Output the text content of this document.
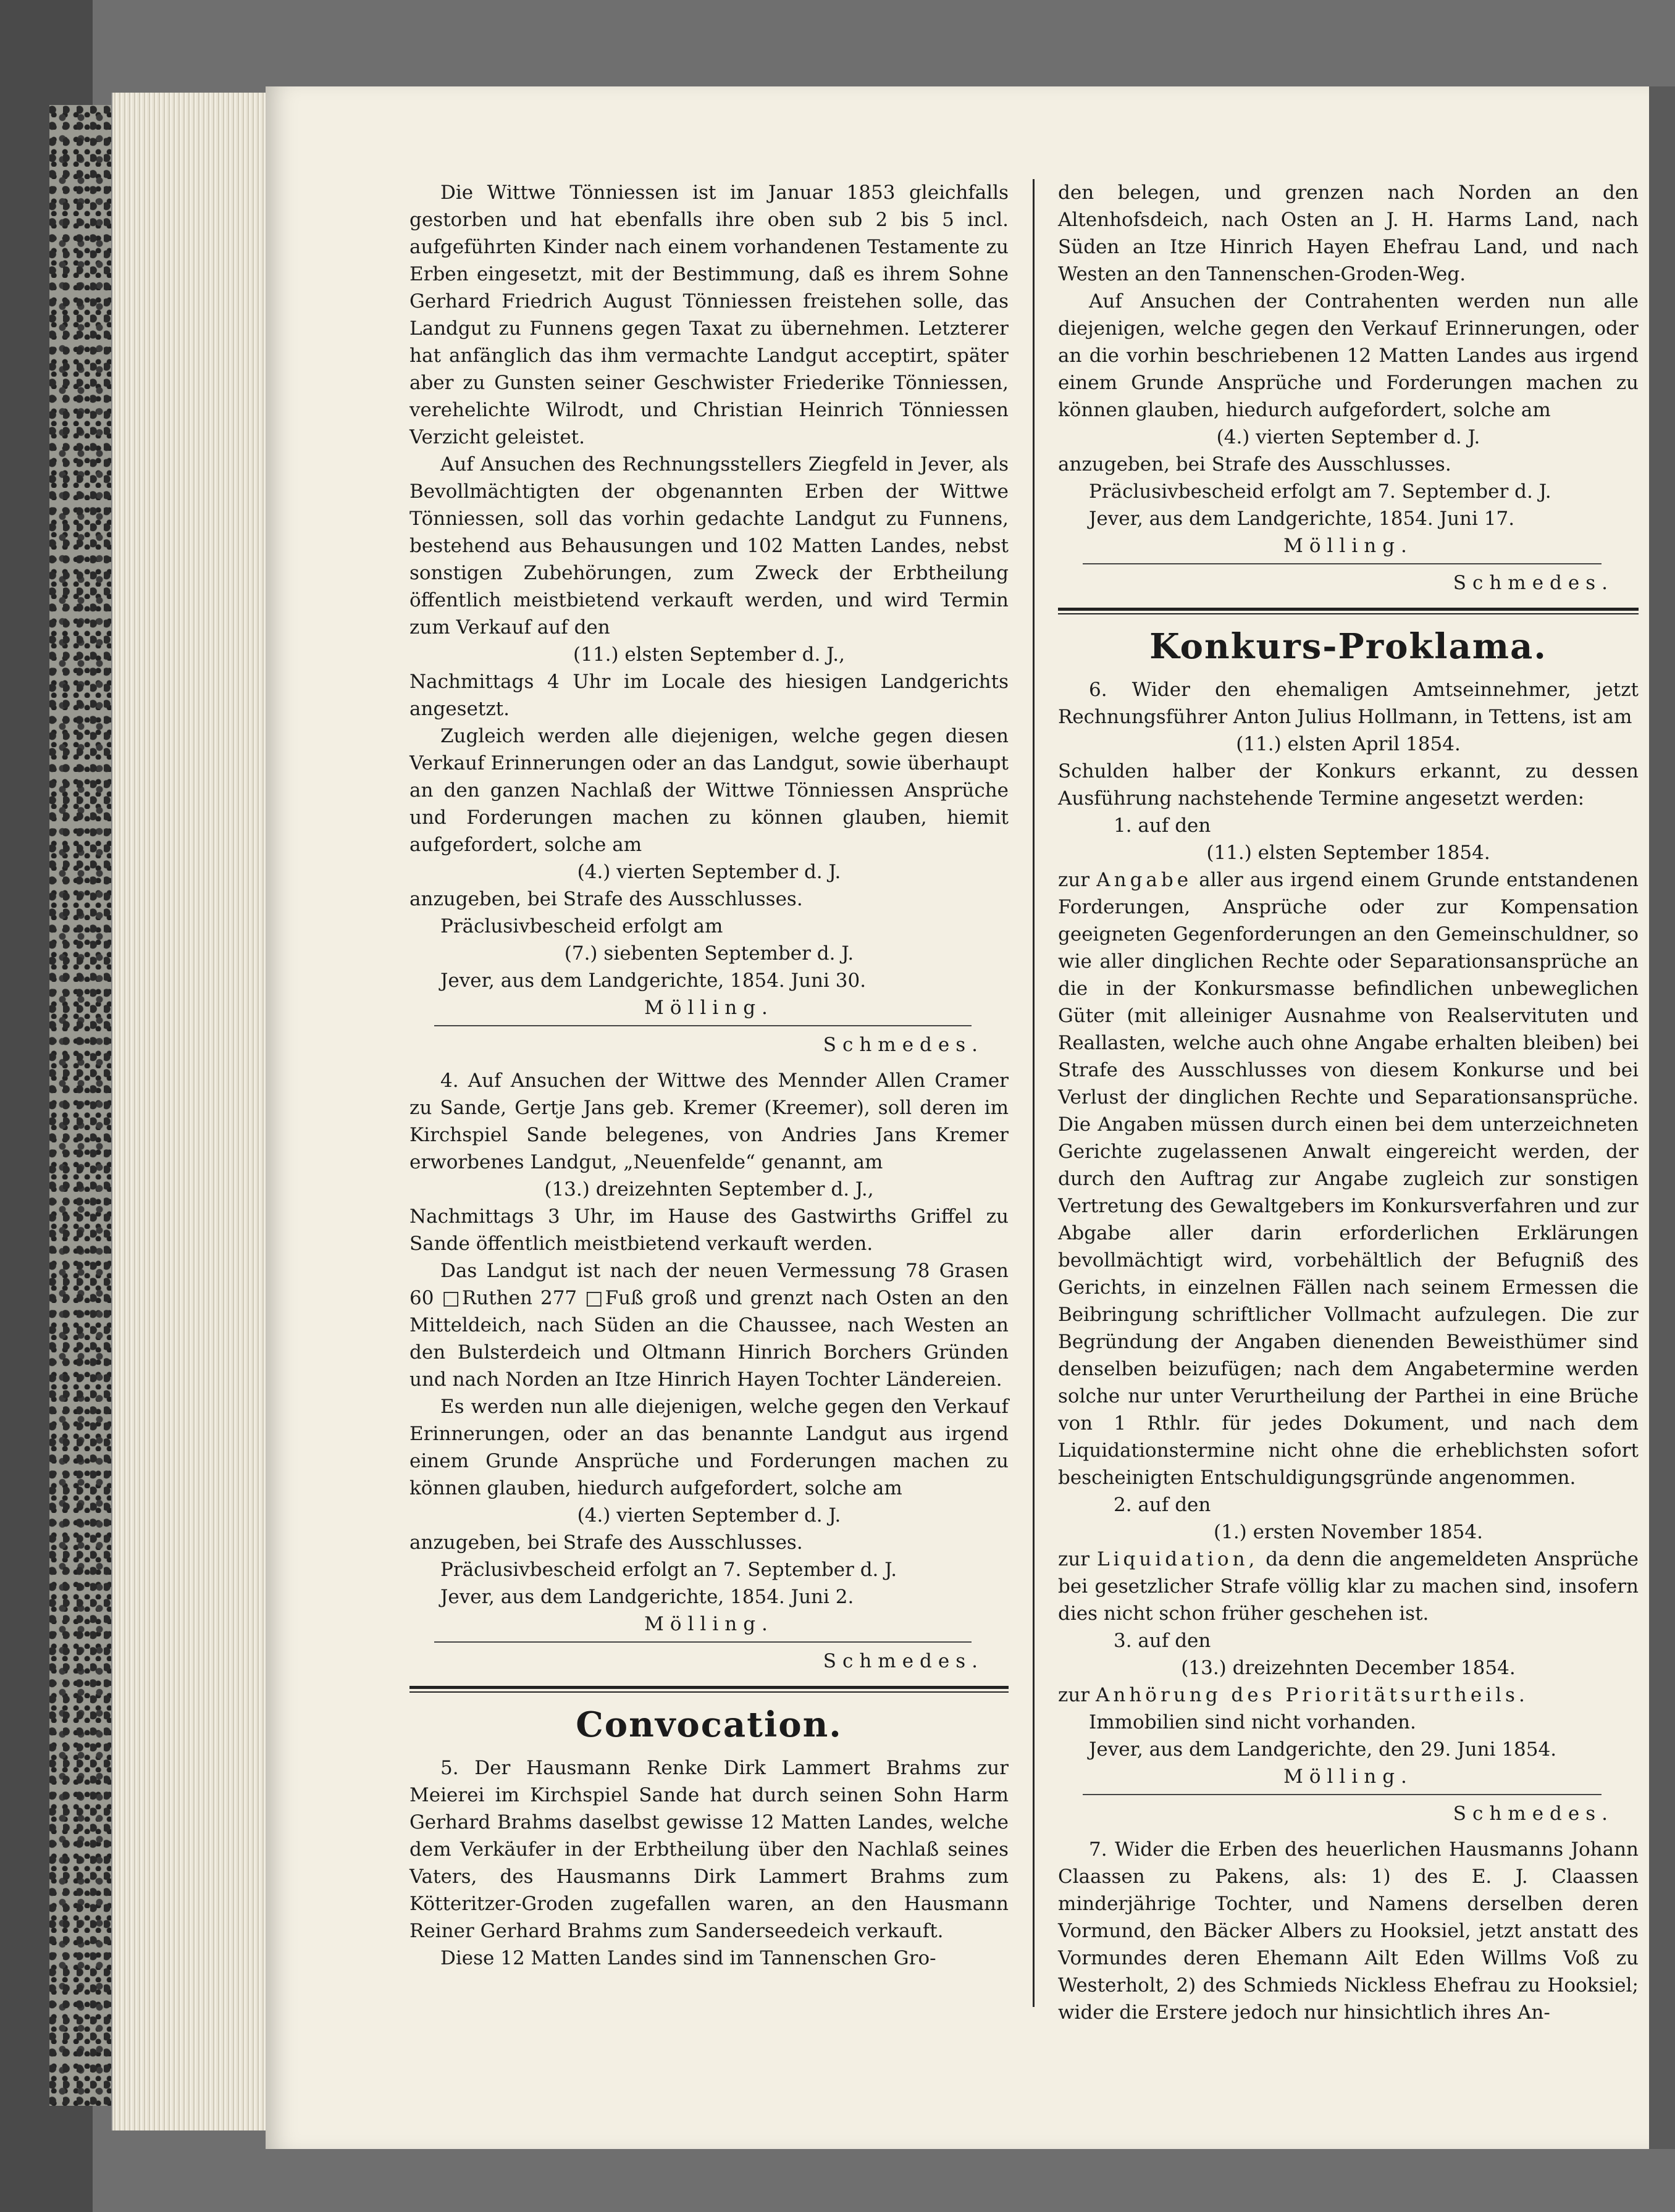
Die Wittwe Tönniessen ist im Januar 1853 gleichfalls gestorben und hat ebenfalls ihre oben sub 2 bis 5 incl. aufgeführten Kinder nach einem vorhandenen Testamente zu Erben eingesetzt, mit der Bestimmung, daß es ihrem Sohne Gerhard Friedrich August Tönniessen freistehen solle, das Landgut zu Funnens gegen Taxat zu übernehmen. Letzterer hat anfänglich das ihm vermachte Landgut acceptirt, später aber zu Gunsten seiner Geschwister Friederike Tönniessen, verehelichte Wilrodt, und Christian Heinrich Tönniessen Verzicht geleistet.

Auf Ansuchen des Rechnungsstellers Ziegfeld in Jever, als Bevollmächtigten der obgenannten Erben der Wittwe Tönniessen, soll das vorhin gedachte Landgut zu Funnens, bestehend aus Behausungen und 102 Matten Landes, nebst sonstigen Zubehörungen, zum Zweck der Erbtheilung öffentlich meistbietend verkauft werden, und wird Termin zum Verkauf auf den

(11.) elsten September d. J.,

Nachmittags 4 Uhr im Locale des hiesigen Landgerichts angesetzt.

Zugleich werden alle diejenigen, welche gegen diesen Verkauf Erinnerungen oder an das Landgut, sowie überhaupt an den ganzen Nachlaß der Wittwe Tönniessen Ansprüche und Forderungen machen zu können glauben, hiemit aufgefordert, solche am

(4.) vierten September d. J.

anzugeben, bei Strafe des Ausschlusses.

Präclusivbescheid erfolgt am

(7.) siebenten September d. J.

Jever, aus dem Landgerichte, 1854. Juni 30.

Mölling.

Schmedes.

4. Auf Ansuchen der Wittwe des Mennder Allen Cramer zu Sande, Gertje Jans geb. Kremer (Kreemer), soll deren im Kirchspiel Sande belegenes, von Andries Jans Kremer erworbenes Landgut, „Neuenfelde“ genannt, am

(13.) dreizehnten September d. J.,

Nachmittags 3 Uhr, im Hause des Gastwirths Griffel zu Sande öffentlich meistbietend verkauft werden.

Das Landgut ist nach der neuen Vermessung 78 Grasen 60 □Ruthen 277 □Fuß groß und grenzt nach Osten an den Mitteldeich, nach Süden an die Chaussee, nach Westen an den Bulsterdeich und Oltmann Hinrich Borchers Gründen und nach Norden an Itze Hinrich Hayen Tochter Ländereien.

Es werden nun alle diejenigen, welche gegen den Verkauf Erinnerungen, oder an das benannte Landgut aus irgend einem Grunde Ansprüche und Forderungen machen zu können glauben, hiedurch aufgefordert, solche am

(4.) vierten September d. J.

anzugeben, bei Strafe des Ausschlusses.

Präclusivbescheid erfolgt an 7. September d. J.

Jever, aus dem Landgerichte, 1854. Juni 2.

Mölling.

Schmedes.

Convocation.

5. Der Hausmann Renke Dirk Lammert Brahms zur Meierei im Kirchspiel Sande hat durch seinen Sohn Harm Gerhard Brahms daselbst gewisse 12 Matten Landes, welche dem Verkäufer in der Erbtheilung über den Nachlaß seines Vaters, des Hausmanns Dirk Lammert Brahms zum Kötteritzer-Groden zugefallen waren, an den Hausmann Reiner Gerhard Brahms zum Sanderseedeich verkauft.

Diese 12 Matten Landes sind im Tannenschen Gro-

den belegen, und grenzen nach Norden an den Altenhofsdeich, nach Osten an J. H. Harms Land, nach Süden an Itze Hinrich Hayen Ehefrau Land, und nach Westen an den Tannenschen-Groden-Weg.

Auf Ansuchen der Contrahenten werden nun alle diejenigen, welche gegen den Verkauf Erinnerungen, oder an die vorhin beschriebenen 12 Matten Landes aus irgend einem Grunde Ansprüche und Forderungen machen zu können glauben, hiedurch aufgefordert, solche am

(4.) vierten September d. J.

anzugeben, bei Strafe des Ausschlusses.

Präclusivbescheid erfolgt am 7. September d. J.

Jever, aus dem Landgerichte, 1854. Juni 17.

Mölling.

Schmedes.

Konkurs-Proklama.

6. Wider den ehemaligen Amtseinnehmer, jetzt Rechnungsführer Anton Julius Hollmann, in Tettens, ist am

(11.) elsten April 1854.

Schulden halber der Konkurs erkannt, zu dessen Ausführung nachstehende Termine angesetzt werden:

1. auf den

(11.) elsten September 1854.

zur Angabe aller aus irgend einem Grunde entstandenen Forderungen, Ansprüche oder zur Kompensation geeigneten Gegenforderungen an den Gemeinschuldner, so wie aller dinglichen Rechte oder Separationsansprüche an die in der Konkursmasse befindlichen unbeweglichen Güter (mit alleiniger Ausnahme von Realservituten und Reallasten, welche auch ohne Angabe erhalten bleiben) bei Strafe des Ausschlusses von diesem Konkurse und bei Verlust der dinglichen Rechte und Separationsansprüche. Die Angaben müssen durch einen bei dem unterzeichneten Gerichte zugelassenen Anwalt eingereicht werden, der durch den Auftrag zur Angabe zugleich zur sonstigen Vertretung des Gewaltgebers im Konkursverfahren und zur Abgabe aller darin erforderlichen Erklärungen bevollmächtigt wird, vorbehältlich der Befugniß des Gerichts, in einzelnen Fällen nach seinem Ermessen die Beibringung schriftlicher Vollmacht aufzulegen. Die zur Begründung der Angaben dienenden Beweisthümer sind denselben beizufügen; nach dem Angabetermine werden solche nur unter Verurtheilung der Parthei in eine Brüche von 1 Rthlr. für jedes Dokument, und nach dem Liquidationstermine nicht ohne die erheblichsten sofort bescheinigten Entschuldigungsgründe angenommen.

2. auf den

(1.) ersten November 1854.

zur Liquidation, da denn die angemeldeten Ansprüche bei gesetzlicher Strafe völlig klar zu machen sind, insofern dies nicht schon früher geschehen ist.

3. auf den

(13.) dreizehnten December 1854.

zur Anhörung des Prioritätsurtheils.

Immobilien sind nicht vorhanden.

Jever, aus dem Landgerichte, den 29. Juni 1854.

Mölling.

Schmedes.

7. Wider die Erben des heuerlichen Hausmanns Johann Claassen zu Pakens, als: 1) des E. J. Claassen minderjährige Tochter, und Namens derselben deren Vormund, den Bäcker Albers zu Hooksiel, jetzt anstatt des Vormundes deren Ehemann Ailt Eden Willms Voß zu Westerholt, 2) des Schmieds Nickless Ehefrau zu Hooksiel; wider die Erstere jedoch nur hinsichtlich ihres An-
